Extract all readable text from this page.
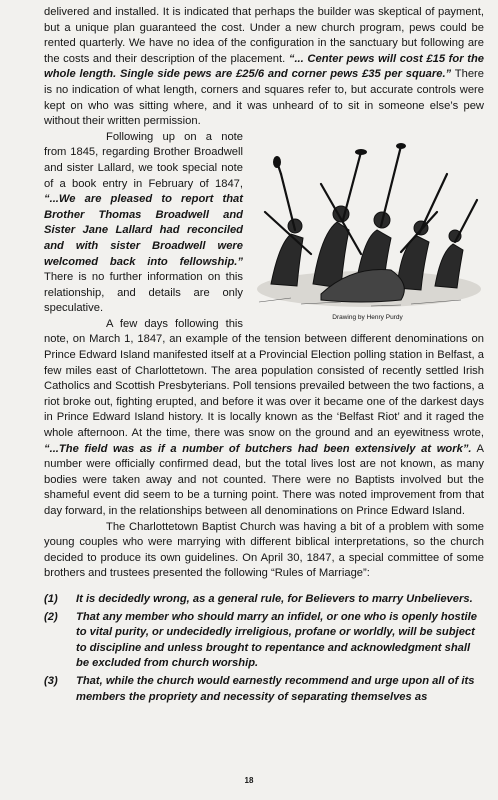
delivered and installed. It is indicated that perhaps the builder was skeptical of payment, but a unique plan guaranteed the cost. Under a new church program, pews could be rented quarterly. We have no idea of the configuration in the sanctuary but following are the costs and their description of the placement. “... Center pews will cost £15 for the whole length. Single side pews are £25/6 and corner pews £35 per square.” There is no indication of what length, corners and squares refer to, but accurate controls were kept on who was sitting where, and it was unheard of to sit in someone else’s pew without their written permission.

Drawing by Henry Purdy

Following up on a note from 1845, regarding Brother Broadwell and sister Lallard, we took special note of a book entry in February of 1847, “...We are pleased to report that Brother Thomas Broadwell and Sister Jane Lallard had reconciled and with sister Broadwell were welcomed back into fellowship.” There is no further information on this relationship, and details are only speculative.

A few days following this note, on March 1, 1847, an example of the tension between different denominations on Prince Edward Island manifested itself at a Provincial Election polling station in Belfast, a few miles east of Charlottetown. The area population consisted of recently settled Irish Catholics and Scottish Presbyterians. Poll tensions prevailed between the two factions, a riot broke out, fighting erupted, and before it was over it became one of the darkest days in Prince Edward Island history. It is locally known as the ‘Belfast Riot’ and it raged the whole afternoon. At the time, there was snow on the ground and an eyewitness wrote, “...The field was as if a number of butchers had been extensively at work”. A number were officially confirmed dead, but the total lives lost are not known, as many bodies were taken away and not counted. There were no Baptists involved but the shameful event did seem to be a turning point. There was noted improvement from that day forward, in the relationships between all denominations on Prince Edward Island.

The Charlottetown Baptist Church was having a bit of a problem with some young couples who were marrying with different biblical interpretations, so the church decided to produce its own guidelines. On April 30, 1847, a special committee of some brothers and trustees presented the following “Rules of Marriage”:

(1) It is decidedly wrong, as a general rule, for Believers to marry Unbelievers.
(2) That any member who should marry an infidel, or one who is openly hostile to vital purity, or undecidedly irreligious, profane or worldly, will be subject to discipline and unless brought to repentance and acknowledgment shall be excluded from church worship.
(3) That, while the church would earnestly recommend and urge upon all of its members the propriety and necessity of separating themselves as
18
